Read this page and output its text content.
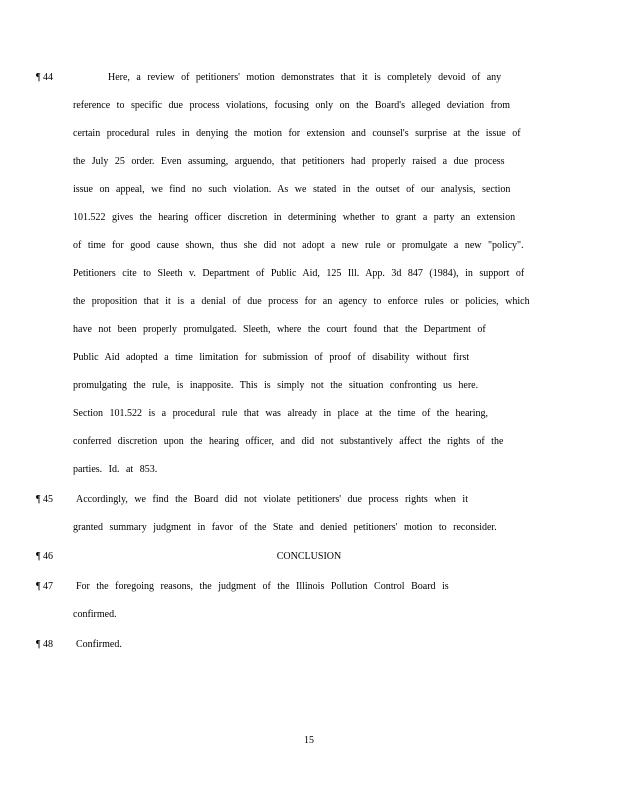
¶ 44	Here, a review of petitioners' motion demonstrates that it is completely devoid of any
reference to specific due process violations, focusing only on the Board's alleged deviation from
certain procedural rules in denying the motion for extension and counsel's surprise at the issue of
the July 25 order. Even assuming, arguendo, that petitioners had properly raised a due process
issue on appeal, we find no such violation. As we stated in the outset of our analysis, section
101.522 gives the hearing officer discretion in determining whether to grant a party an extension
of time for good cause shown, thus she did not adopt a new rule or promulgate a new "policy".
Petitioners cite to Sleeth v. Department of Public Aid, 125 Ill. App. 3d 847 (1984), in support of
the proposition that it is a denial of due process for an agency to enforce rules or policies, which
have not been properly promulgated. Sleeth, where the court found that the Department of
Public Aid adopted a time limitation for submission of proof of disability without first
promulgating the rule, is inapposite. This is simply not the situation confronting us here.
Section 101.522 is a procedural rule that was already in place at the time of the hearing,
conferred discretion upon the hearing officer, and did not substantively affect the rights of the
parties. Id. at 853.
¶ 45 Accordingly, we find the Board did not violate petitioners' due process rights when it
granted summary judgment in favor of the State and denied petitioners' motion to reconsider.
¶ 46	CONCLUSION
¶ 47 For the foregoing reasons, the judgment of the Illinois Pollution Control Board is
confirmed.
¶ 48 Confirmed.
15
